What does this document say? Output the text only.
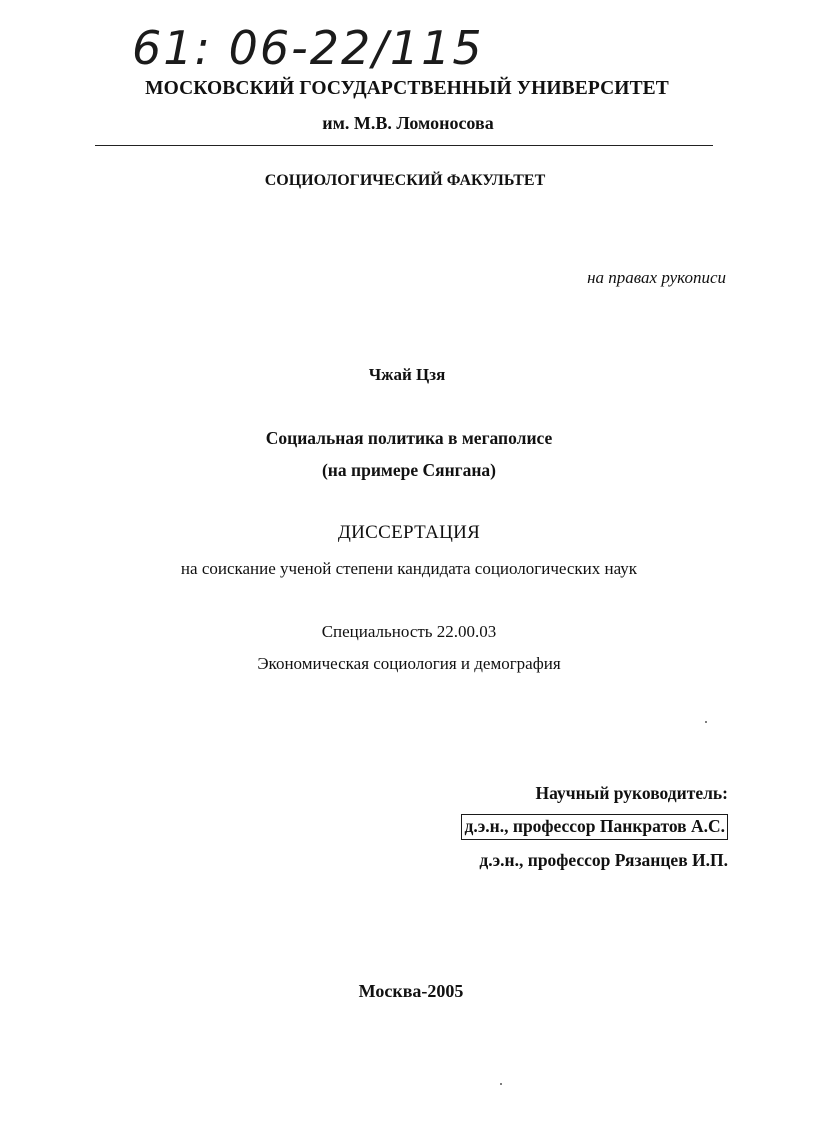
61: 06-22/115
МОСКОВСКИЙ ГОСУДАРСТВЕННЫЙ УНИВЕРСИТЕТ
им. М.В. Ломоносова
СОЦИОЛОГИЧЕСКИЙ ФАКУЛЬТЕТ
на правах рукописи
Чжай Цзя
Социальная политика в мегаполисе
(на примере Сянгана)
ДИССЕРТАЦИЯ
на соискание ученой степени кандидата социологических наук
Специальность 22.00.03
Экономическая социология и демография
Научный руководитель:
д.э.н., профессор Панкратов А.С.
д.э.н., профессор Рязанцев И.П.
Москва-2005
